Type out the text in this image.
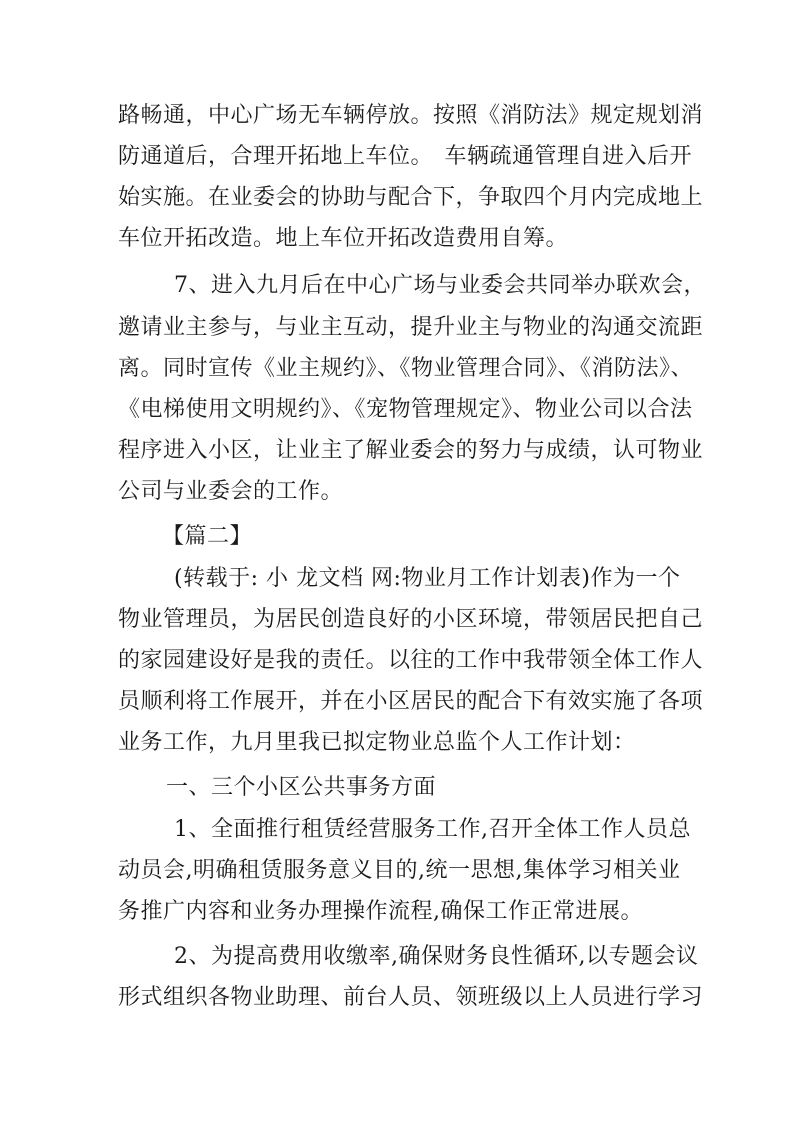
路畅通，中心广场无车辆停放。按照《消防法》规定规划消
防通道后，合理开拓地上车位。　车辆疏通管理自进入后开
始实施。在业委会的协助与配合下，争取四个月内完成地上
车位开拓改造。地上车位开拓改造费用自筹。
7、进入九月后在中心广场与业委会共同举办联欢会，
邀请业主参与，与业主互动，提升业主与物业的沟通交流距
离。同时宣传《业主规约》、《物业管理合同》、《消防法》、
《电梯使用文明规约》、《宠物管理规定》、物业公司以合法
程序进入小区，让业主了解业委会的努力与成绩，认可物业
公司与业委会的工作。
【篇二】
(转载于: 小 龙文档 网:物业月工作计划表)作为一个
物业管理员，为居民创造良好的小区环境，带领居民把自己
的家园建设好是我的责任。以往的工作中我带领全体工作人
员顺利将工作展开，并在小区居民的配合下有效实施了各项
业务工作，九月里我已拟定物业总监个人工作计划：
一、三个小区公共事务方面
1、全面推行租赁经营服务工作,召开全体工作人员总
动员会,明确租赁服务意义目的,统一思想,集体学习相关业
务推广内容和业务办理操作流程,确保工作正常进展。
2、为提高费用收缴率,确保财务良性循环,以专题会议
形式组织各物业助理、前台人员、领班级以上人员进行学习
